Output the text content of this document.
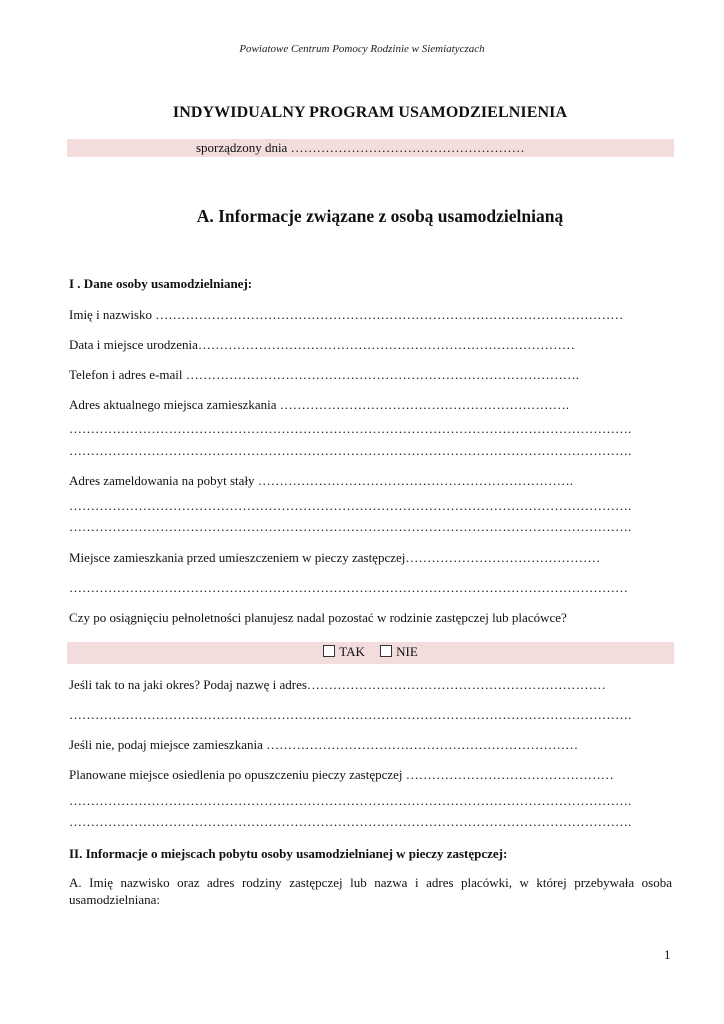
Powiatowe Centrum Pomocy Rodzinie w Siemiatyczach
INDYWIDUALNY PROGRAM USAMODZIELNIENIA
sporządzony dnia ………………………………………………
A. Informacje związane z osobą usamodzielnianą
I . Dane osoby usamodzielnianej:
Imię i nazwisko ………………………………………………………………………………………………
Data i miejsce urodzenia……………………………………………………………………………
Telefon i adres e-mail ……………………………………………………………………………….
Adres aktualnego miejsca zamieszkania ………………………………………………………….
………………………………………………………………………………………………………………….
………………………………………………………………………………………………………………….
Adres zameldowania na pobyt stały ……………………………………………………………….
………………………………………………………………………………………………………………….
………………………………………………………………………………………………………………….
Miejsce zamieszkania przed umieszczeniem w pieczy zastępczej………………………………………
…………………………………………………………………………………………………………………
Czy po osiągnięciu pełnoletności planujesz nadal pozostać w rodzinie zastępczej lub placówce?
TAK NIE
Jeśli tak to na jaki okres? Podaj nazwę i adres……………………………………………………………
………………………………………………………………………………………………………………….
Jeśli nie, podaj miejsce zamieszkania ………………………………………………………………
Planowane miejsce osiedlenia po opuszczeniu pieczy zastępczej …………………………………………
………………………………………………………………………………………………………………….
………………………………………………………………………………………………………………….
II. Informacje o miejscach pobytu osoby usamodzielnianej w pieczy zastępczej:
A. Imię nazwisko oraz adres rodziny zastępczej lub nazwa i adres placówki, w której przebywała osoba
usamodzielniana:
1
